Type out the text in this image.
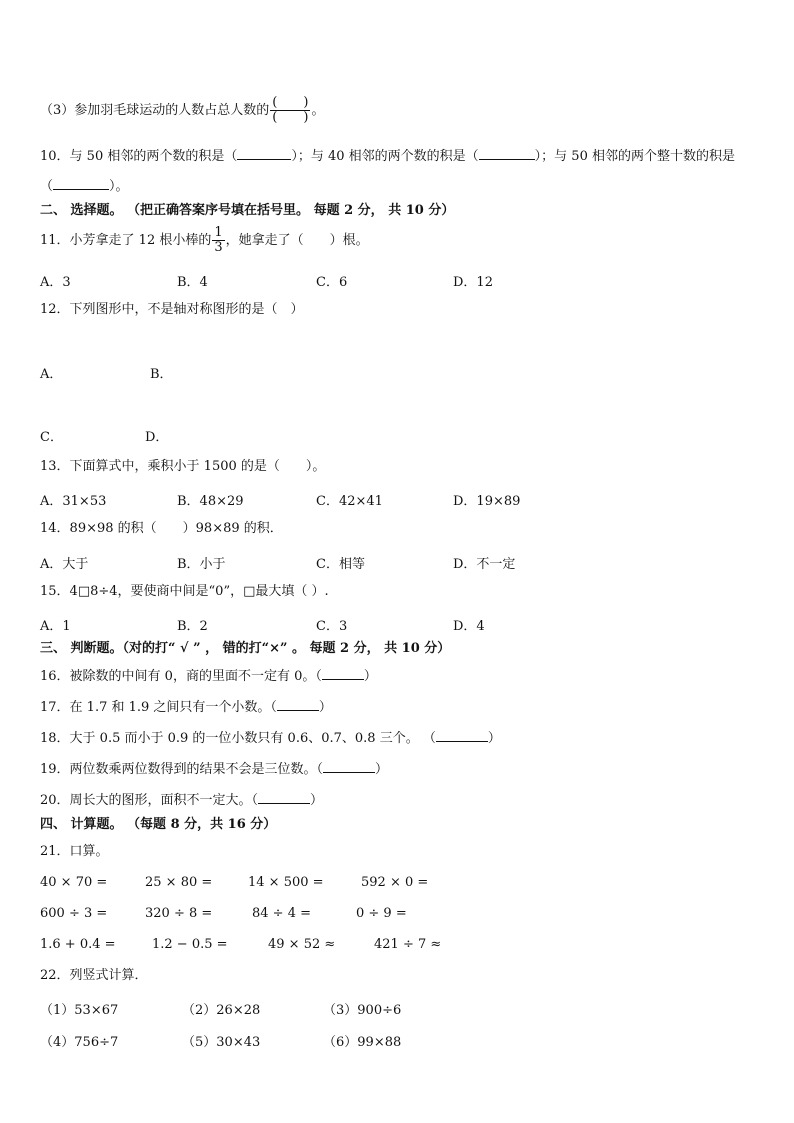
（3）参加羽毛球运动的人数占总人数的 $\frac{( )}{( )}$ 。
10．与 50 相邻的两个数的积是（	）；与 40 相邻的两个数的积是（	）；与 50 相邻的两个整十数的积是
（	）。
二、 选择题。 （把正确答案序号填在括号里。 每题 2 分， 共 10 分）
11．小芳拿走了 12 根小棒的 $\frac{1}{3}$ ，她拿走了（　　）根。
A．3	B．4	C．6	D．12
12．下列图形中，不是轴对称图形的是（　）
A．	B．
C．	D．
13．下面算式中，乘积小于 1500 的是（　　）。
A．31×53	B．48×29	C．42×41	D．19×89
14．89×98 的积（　　）98×89 的积．
A．大于	B．小于	C．相等	D．不一定
15．4□8÷4，要使商中间是“0”，□最大填（ ）.
A．1	B．2	C．3	D．4
三、 判断题。（对的打“ √ ” ， 错的打“×” 。 每题 2 分， 共 10 分）
16．被除数的中间有 0，商的里面不一定有 0。（	）
17．在 1.7 和 1.9 之间只有一个小数。（	）
18．大于 0.5 而小于 0.9 的一位小数只有 0.6、0.7、0.8 三个。 （	）
19．两位数乘两位数得到的结果不会是三位数。（	）
20．周长大的图形，面积不一定大。（	）
四、 计算题。 （每题 8 分，共 16 分）
21．口算。
40 × 70 =	25 × 80 =	14 × 500 =	592 × 0 =
600 ÷ 3 =	320 ÷ 8 =	84 ÷ 4 =	0 ÷ 9 =
1.6 + 0.4 =	1.2 − 0.5 =	49 × 52 ≈	421 ÷ 7 ≈
22．列竖式计算．
（1）53×67	（2）26×28	（3）900÷6
（4）756÷7	（5）30×43	（6）99×88
